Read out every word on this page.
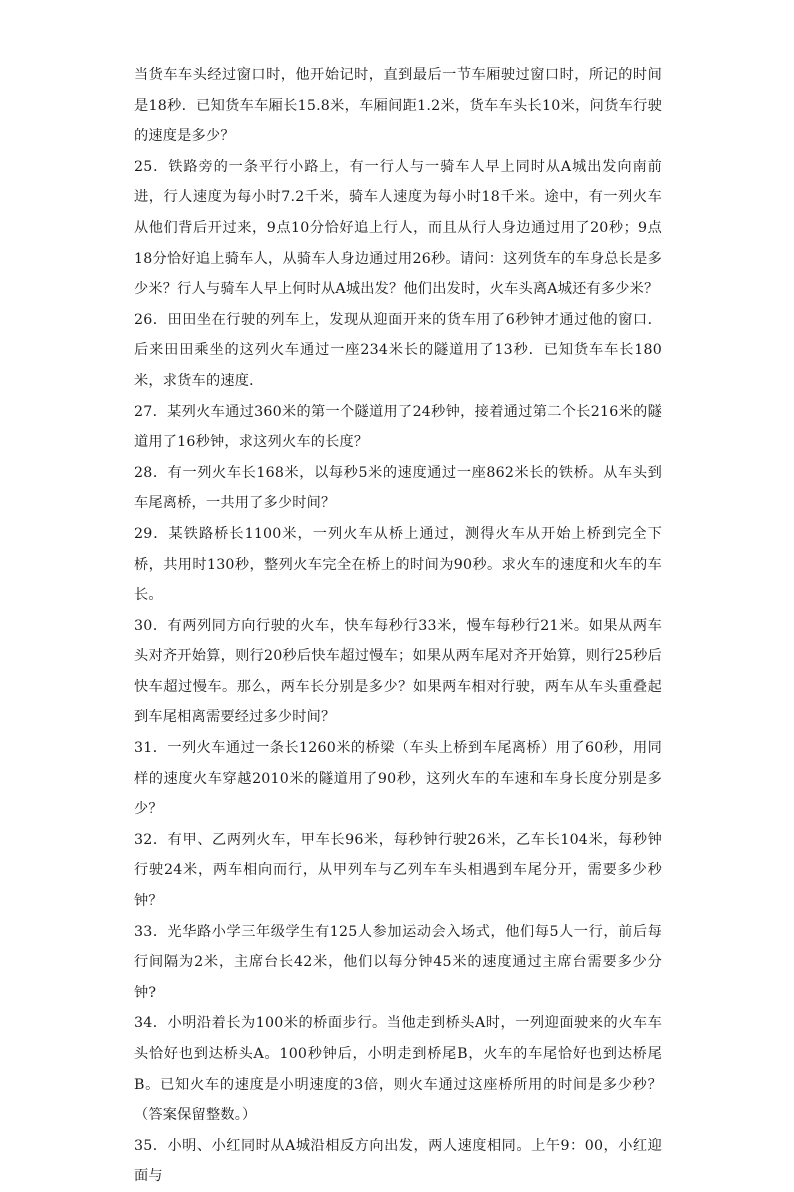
当货车车头经过窗口时，他开始记时，直到最后一节车厢驶过窗口时，所记的时间是18秒．已知货车车厢长15.8米，车厢间距1.2米，货车车头长10米，问货车行驶的速度是多少？

25．铁路旁的一条平行小路上，有一行人与一骑车人早上同时从A城出发向南前进，行人速度为每小时7.2千米，骑车人速度为每小时18千米。途中，有一列火车从他们背后开过来，9点10分恰好追上行人，而且从行人身边通过用了20秒；9点18分恰好追上骑车人，从骑车人身边通过用26秒。请问：这列货车的车身总长是多少米？行人与骑车人早上何时从A城出发？他们出发时，火车头离A城还有多少米？

26．田田坐在行驶的列车上，发现从迎面开来的货车用了6秒钟才通过他的窗口．后来田田乘坐的这列火车通过一座234米长的隧道用了13秒．已知货车车长180米，求货车的速度．

27．某列火车通过360米的第一个隧道用了24秒钟，接着通过第二个长216米的隧道用了16秒钟，求这列火车的长度？

28．有一列火车长168米，以每秒5米的速度通过一座862米长的铁桥。从车头到车尾离桥，一共用了多少时间？

29．某铁路桥长1100米，一列火车从桥上通过，测得火车从开始上桥到完全下桥，共用时130秒，整列火车完全在桥上的时间为90秒。求火车的速度和火车的车长。

30．有两列同方向行驶的火车，快车每秒行33米，慢车每秒行21米。如果从两车头对齐开始算，则行20秒后快车超过慢车；如果从两车尾对齐开始算，则行25秒后快车超过慢车。那么，两车长分别是多少？如果两车相对行驶，两车从车头重叠起到车尾相离需要经过多少时间？

31．一列火车通过一条长1260米的桥梁（车头上桥到车尾离桥）用了60秒，用同样的速度火车穿越2010米的隧道用了90秒，这列火车的车速和车身长度分别是多少？

32．有甲、乙两列火车，甲车长96米，每秒钟行驶26米，乙车长104米，每秒钟行驶24米，两车相向而行，从甲列车与乙列车车头相遇到车尾分开，需要多少秒钟？

33．光华路小学三年级学生有125人参加运动会入场式，他们每5人一行，前后每行间隔为2米，主席台长42米，他们以每分钟45米的速度通过主席台需要多少分钟?

34．小明沿着长为100米的桥面步行。当他走到桥头A时，一列迎面驶来的火车车头恰好也到达桥头A。100秒钟后，小明走到桥尾B，火车的车尾恰好也到达桥尾B。已知火车的速度是小明速度的3倍，则火车通过这座桥所用的时间是多少秒？（答案保留整数。）

35．小明、小红同时从A城沿相反方向出发，两人速度相同。上午9：00，小红迎面与
